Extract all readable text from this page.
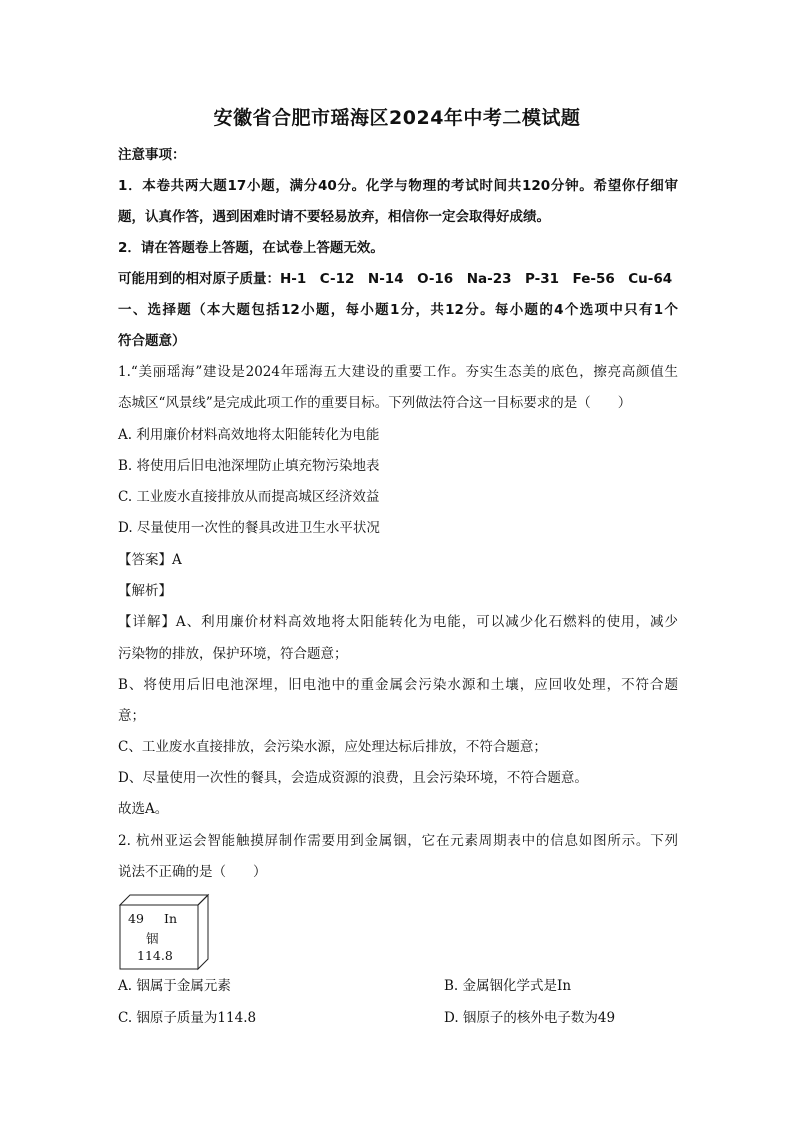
安徽省合肥市瑶海区2024年中考二模试题
注意事项：
1．本卷共两大题17小题，满分40分。化学与物理的考试时间共120分钟。希望你仔细审
题，认真作答，遇到困难时请不要轻易放弃，相信你一定会取得好成绩。
2．请在答题卷上答题，在试卷上答题无效。
可能用到的相对原子质量：H-1　C-12　N-14　O-16　Na-23　P-31　Fe-56　Cu-64
一、选择题（本大题包括12小题，每小题1分，共12分。每小题的4个选项中只有1个
符合题意）
1.“美丽瑶海”建设是2024年瑶海五大建设的重要工作。夯实生态美的底色，擦亮高颜值生
态城区“风景线”是完成此项工作的重要目标。下列做法符合这一目标要求的是（　　）
A. 利用廉价材料高效地将太阳能转化为电能
B. 将使用后旧电池深埋防止填充物污染地表
C. 工业废水直接排放从而提高城区经济效益
D. 尽量使用一次性的餐具改进卫生水平状况
【答案】A
【解析】
【详解】A、利用廉价材料高效地将太阳能转化为电能，可以减少化石燃料的使用，减少
污染物的排放，保护环境，符合题意；
B、将使用后旧电池深埋，旧电池中的重金属会污染水源和土壤，应回收处理，不符合题
意；
C、工业废水直接排放，会污染水源，应处理达标后排放，不符合题意；
D、尽量使用一次性的餐具，会造成资源的浪费，且会污染环境，不符合题意。
故选A。
2. 杭州亚运会智能触摸屏制作需要用到金属铟，它在元素周期表中的信息如图所示。下列
说法不正确的是（　　）
49 In
铟
114.8
A. 铟属于金属元素	B. 金属铟化学式是In
C. 铟原子质量为114.8	D. 铟原子的核外电子数为49
